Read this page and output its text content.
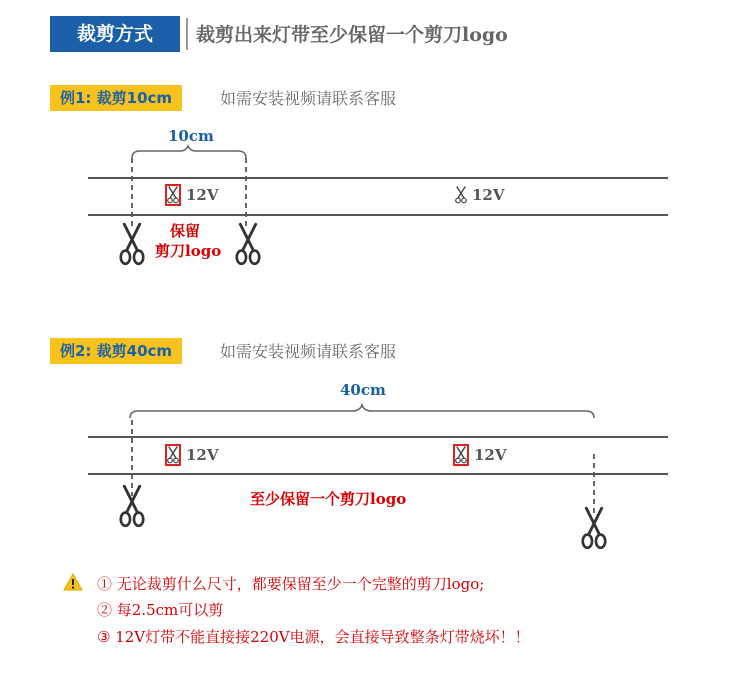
裁剪方式	裁剪出来灯带至少保留一个剪刀logo
例1: 裁剪10cm	如需安装视频请联系客服
10cm
12V	12V
保留
剪刀logo
例2: 裁剪40cm	如需安装视频请联系客服
40cm
12V	12V
至少保留一个剪刀logo
① 无论裁剪什么尺寸，都要保留至少一个完整的剪刀logo;
② 每2.5cm可以剪
③ 12V灯带不能直接接220V电源，会直接导致整条灯带烧坏！！
